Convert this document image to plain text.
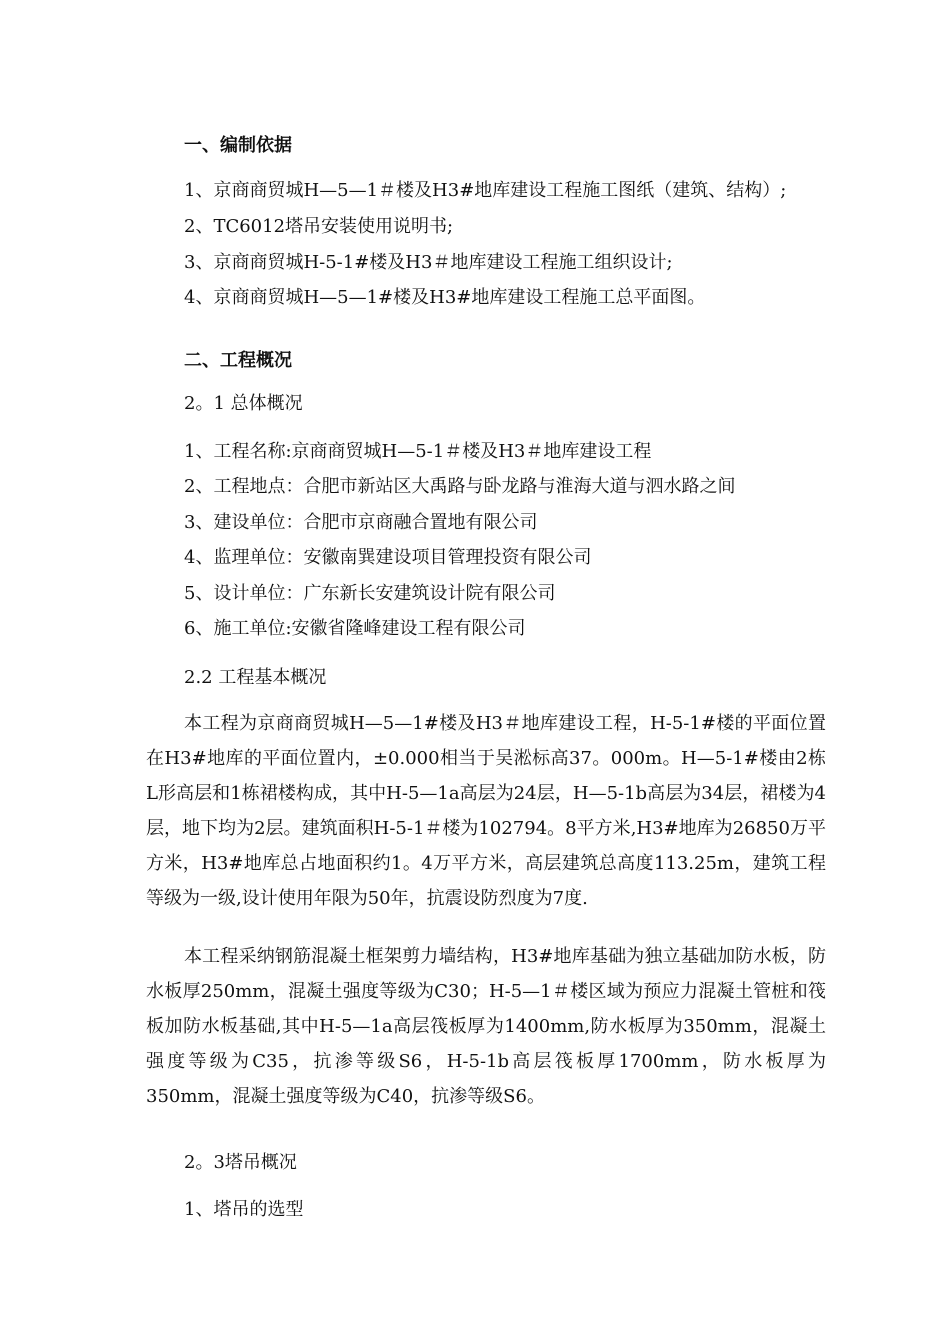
一、编制依据
1、京商商贸城H—5—1＃楼及H3#地库建设工程施工图纸（建筑、结构）;
2、TC6012塔吊安装使用说明书;
3、京商商贸城H-5-1#楼及H3＃地库建设工程施工组织设计;
4、京商商贸城H—5—1#楼及H3#地库建设工程施工总平面图。
二、工程概况
2。1 总体概况
1、工程名称:京商商贸城H—5-1＃楼及H3＃地库建设工程
2、工程地点：合肥市新站区大禹路与卧龙路与淮海大道与泗水路之间
3、建设单位：合肥市京商融合置地有限公司
4、监理单位：安徽南巽建设项目管理投资有限公司
5、设计单位：广东新长安建筑设计院有限公司
6、施工单位:安徽省隆峰建设工程有限公司
2.2 工程基本概况

本工程为京商商贸城H—5—1#楼及H3＃地库建设工程，H-5-1#楼的平面位置在H3#地库的平面位置内，±0.000相当于吴淞标高37。000m。H—5-1#楼由2栋L形高层和1栋裙楼构成，其中H-5—1a高层为24层，H—5-1b高层为34层，裙楼为4层，地下均为2层。建筑面积H-5-1＃楼为102794。8平方米,H3#地库为26850万平方米，H3#地库总占地面积约1。4万平方米，高层建筑总高度113.25m，建筑工程等级为一级,设计使用年限为50年，抗震设防烈度为7度.

本工程采纳钢筋混凝土框架剪力墙结构，H3#地库基础为独立基础加防水板，防水板厚250mm，混凝土强度等级为C30；H-5—1＃楼区域为预应力混凝土管桩和筏板加防水板基础,其中H-5—1a高层筏板厚为1400mm,防水板厚为350mm，混凝土强度等级为C35，抗渗等级S6，H-5-1b高层筏板厚1700mm，防水板厚为350mm，混凝土强度等级为C40，抗渗等级S6。

2。3塔吊概况
1、塔吊的选型
